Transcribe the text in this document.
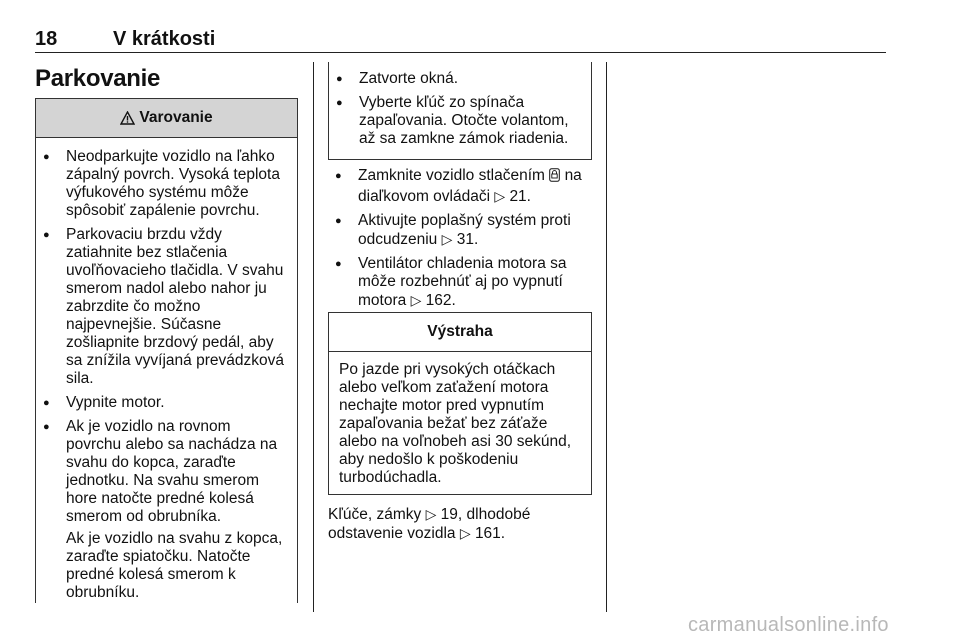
18	V krátkosti
Parkovanie
Varovanie
● Neodparkujte vozidlo na ľahko zápalný povrch. Vysoká teplota výfukového systému môže spôsobiť zapálenie povrchu.
● Parkovaciu brzdu vždy zatiahnite bez stlačenia uvoľňovacieho tlačidla. V svahu smerom nadol alebo nahor ju zabrzdite čo možno najpevnejšie. Súčasne zošliapnite brzdový pedál, aby sa znížila vyvíjaná prevádzková sila.
● Vypnite motor.
● Ak je vozidlo na rovnom povrchu alebo sa nachádza na svahu do kopca, zaraďte jednotku. Na svahu smerom hore natočte predné kolesá smerom od obrubníka.
Ak je vozidlo na svahu z kopca, zaraďte spiatočku. Natočte predné kolesá smerom k obrubníku.
● Zatvorte okná.
● Vyberte kľúč zo spínača zapaľovania. Otočte volantom, až sa zamkne zámok riadenia.
● Zamknite vozidlo stlačením na diaľkovom ovládači ▷ 21.
● Aktivujte poplašný systém proti odcudzeniu ▷ 31.
● Ventilátor chladenia motora sa môže rozbehnúť aj po vypnutí motora ▷ 162.
Výstraha
Po jazde pri vysokých otáčkach alebo veľkom zaťažení motora nechajte motor pred vypnutím zapaľovania bežať bez záťaže alebo na voľnobeh asi 30 sekúnd, aby nedošlo k poškodeniu turbodúchadla.
Kľúče, zámky ▷ 19, dlhodobé odstavenie vozidla ▷ 161.
carmanualsonline.info
